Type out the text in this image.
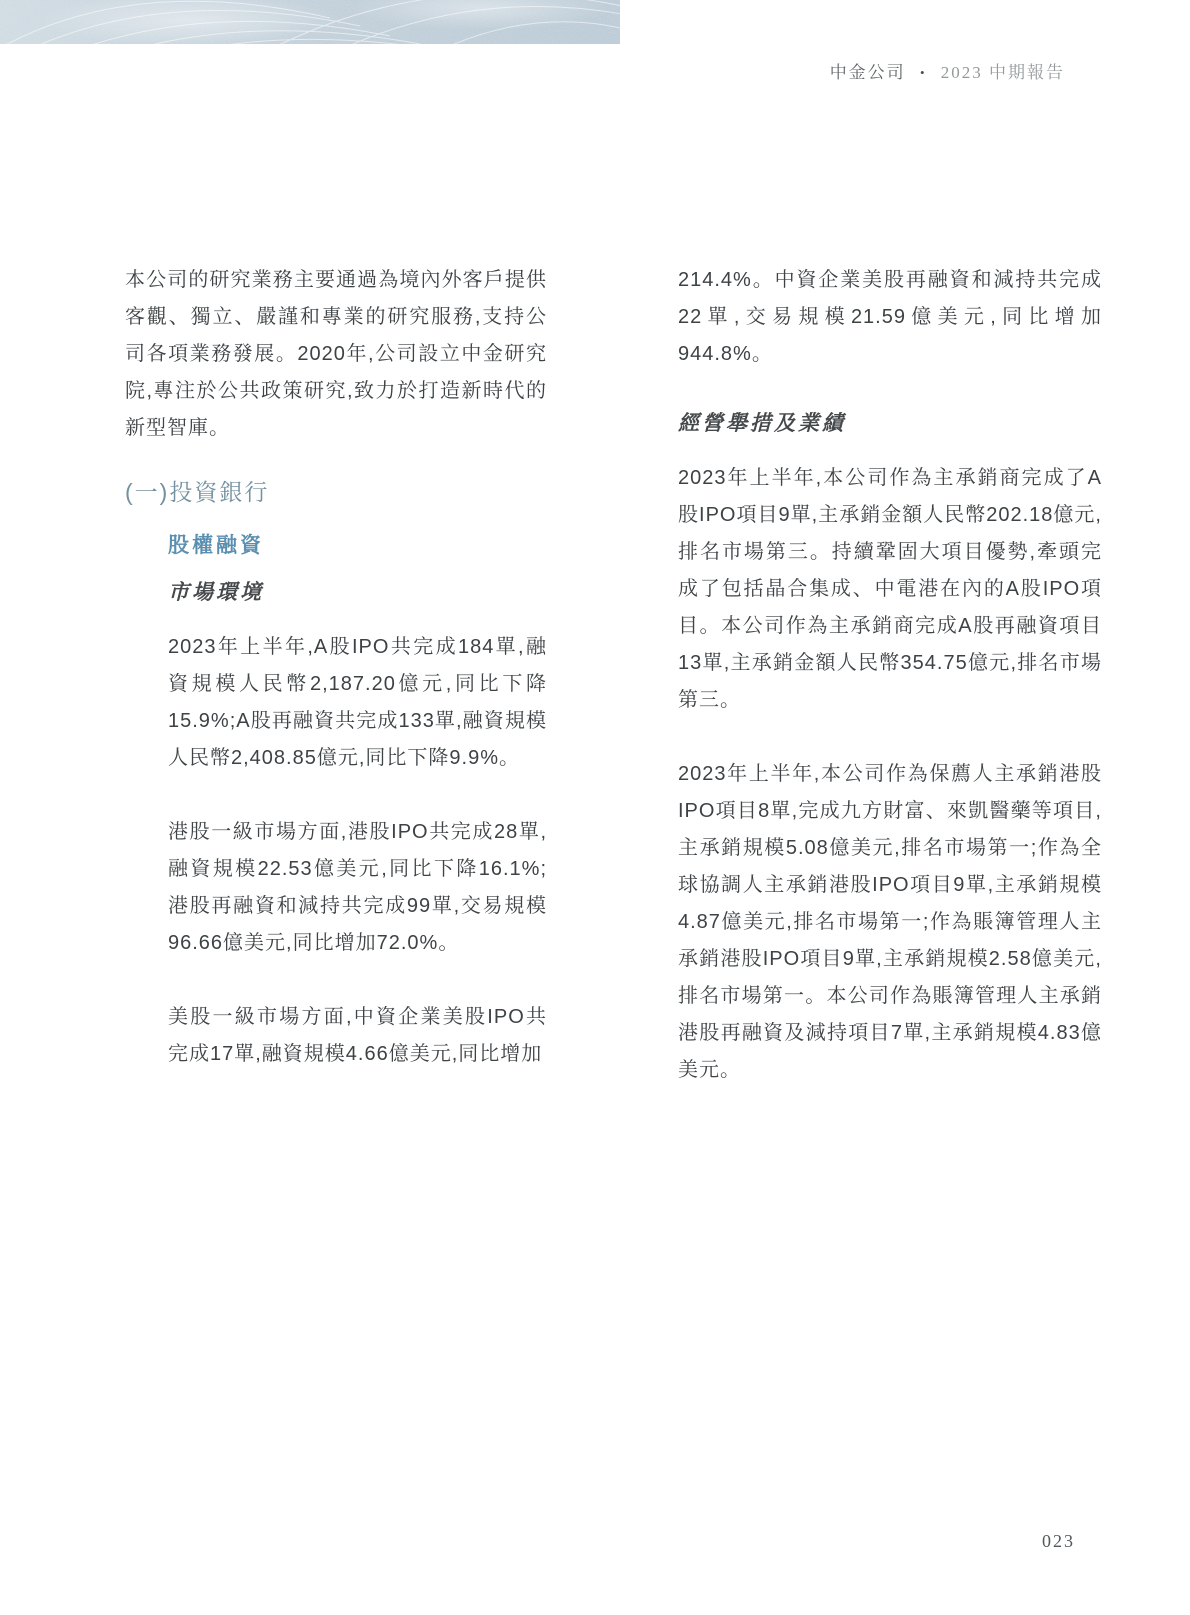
中金公司 • 2023 中期報告

本公司的研究業務主要通過為境內外客戶提供客觀、獨立、嚴謹和專業的研究服務,支持公司各項業務發展。2020年,公司設立中金研究院,專注於公共政策研究,致力於打造新時代的新型智庫。

(一) 投資銀行
股權融資
市場環境

2023年上半年,A股IPO共完成184單,融資規模人民幣2,187.20億元,同比下降15.9%;A股再融資共完成133單,融資規模人民幣2,408.85億元,同比下降9.9%。

港股一級市場方面,港股IPO共完成28單,融資規模22.53億美元,同比下降16.1%;港股再融資和減持共完成99單,交易規模96.66億美元,同比增加72.0%。

美股一級市場方面,中資企業美股IPO共完成17單,融資規模4.66億美元,同比增加

214.4%。中資企業美股再融資和減持共完成22單,交易規模21.59億美元,同比增加944.8%。

經營舉措及業績

2023年上半年,本公司作為主承銷商完成了A股IPO項目9單,主承銷金額人民幣202.18億元,排名市場第三。持續鞏固大項目優勢,牽頭完成了包括晶合集成、中電港在內的A股IPO項目。本公司作為主承銷商完成A股再融資項目13單,主承銷金額人民幣354.75億元,排名市場第三。

2023年上半年,本公司作為保薦人主承銷港股IPO項目8單,完成九方財富、來凱醫藥等項目,主承銷規模5.08億美元,排名市場第一;作為全球協調人主承銷港股IPO項目9單,主承銷規模4.87億美元,排名市場第一;作為賬簿管理人主承銷港股IPO項目9單,主承銷規模2.58億美元,排名市場第一。本公司作為賬簿管理人主承銷港股再融資及減持項目7單,主承銷規模4.83億美元。

023
